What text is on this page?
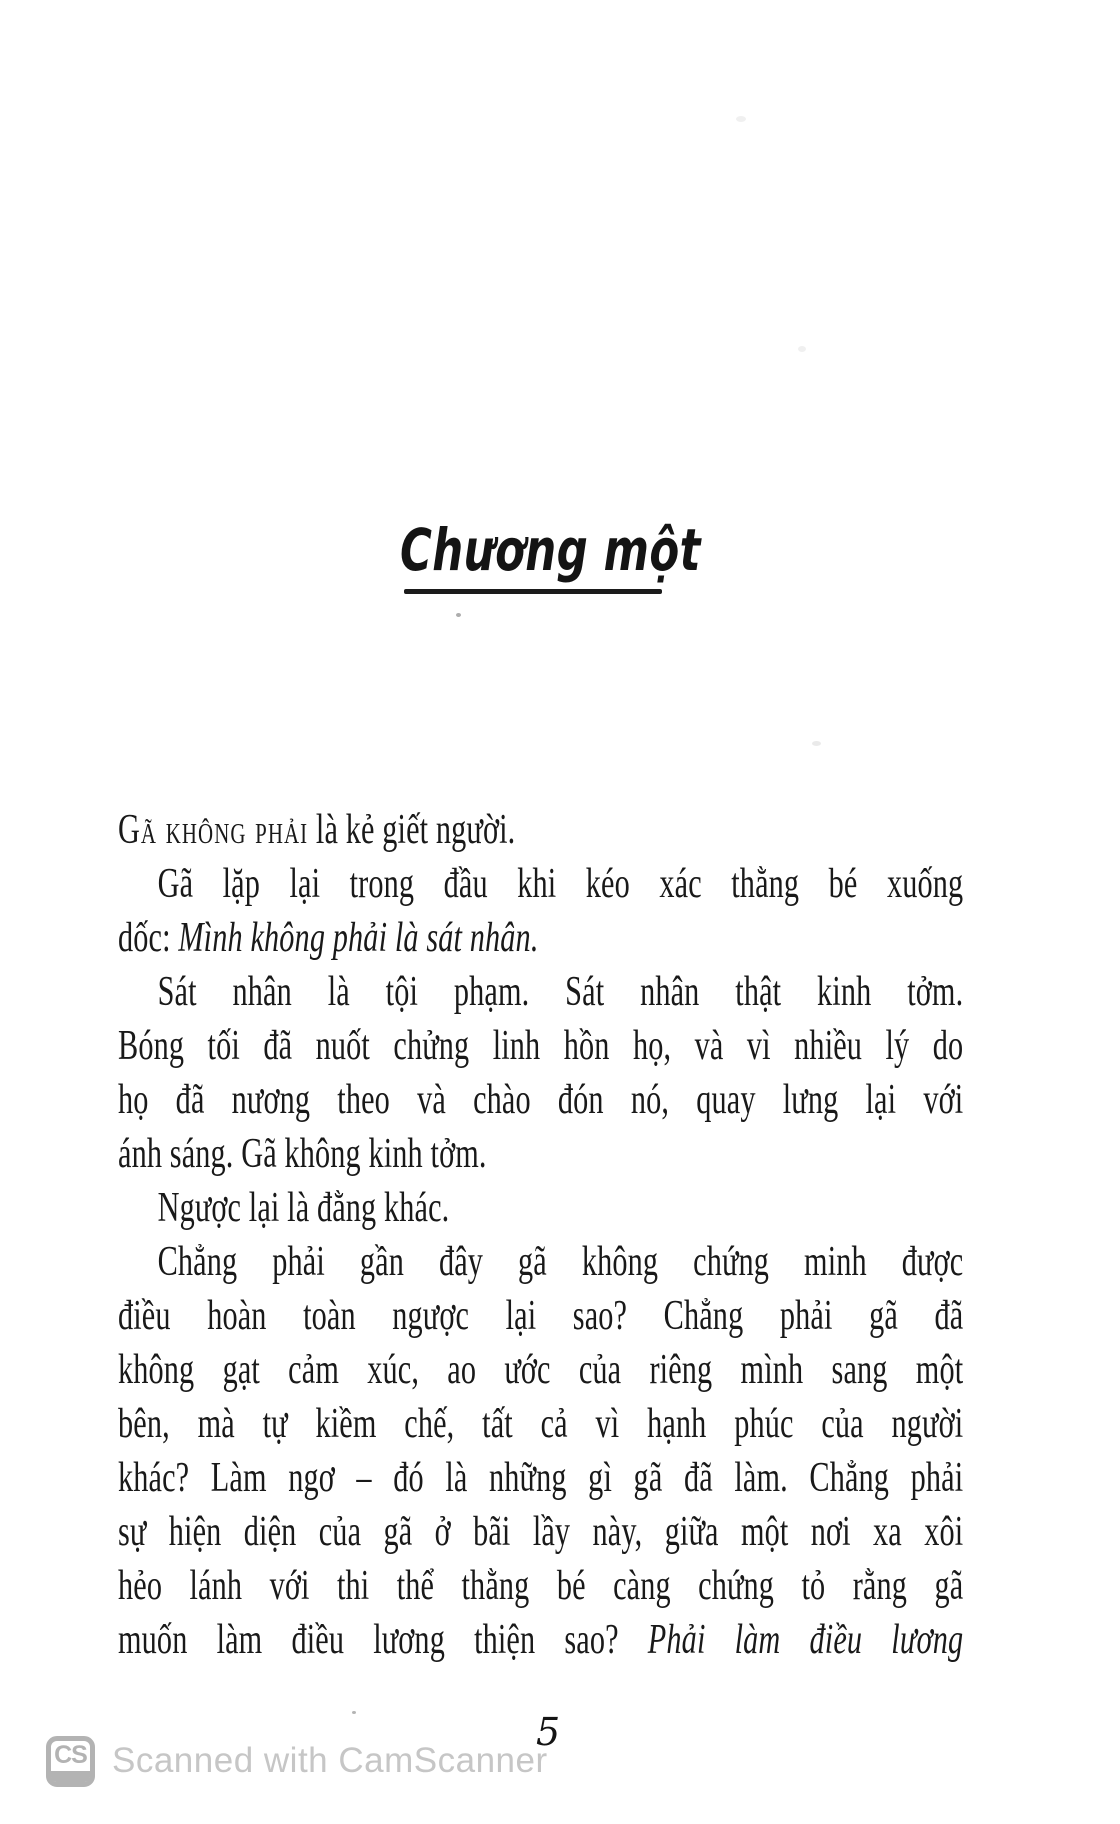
Chương một
Gã không phải là kẻ giết người.
Gã lặp lại trong đầu khi kéo xác thằng bé xuống
dốc: Mình không phải là sát nhân.
Sát nhân là tội phạm. Sát nhân thật kinh tởm.
Bóng tối đã nuốt chửng linh hồn họ, và vì nhiều lý do
họ đã nương theo và chào đón nó, quay lưng lại với
ánh sáng. Gã không kinh tởm.
Ngược lại là đằng khác.
Chẳng phải gần đây gã không chứng minh được
điều hoàn toàn ngược lại sao? Chẳng phải gã đã
không gạt cảm xúc, ao ước của riêng mình sang một
bên, mà tự kiềm chế, tất cả vì hạnh phúc của người
khác? Làm ngơ – đó là những gì gã đã làm. Chẳng phải
sự hiện diện của gã ở bãi lầy này, giữa một nơi xa xôi
hẻo lánh với thi thể thằng bé càng chứng tỏ rằng gã
muốn làm điều lương thiện sao? Phải làm điều lương
CS Scanned with CamScanner
5
